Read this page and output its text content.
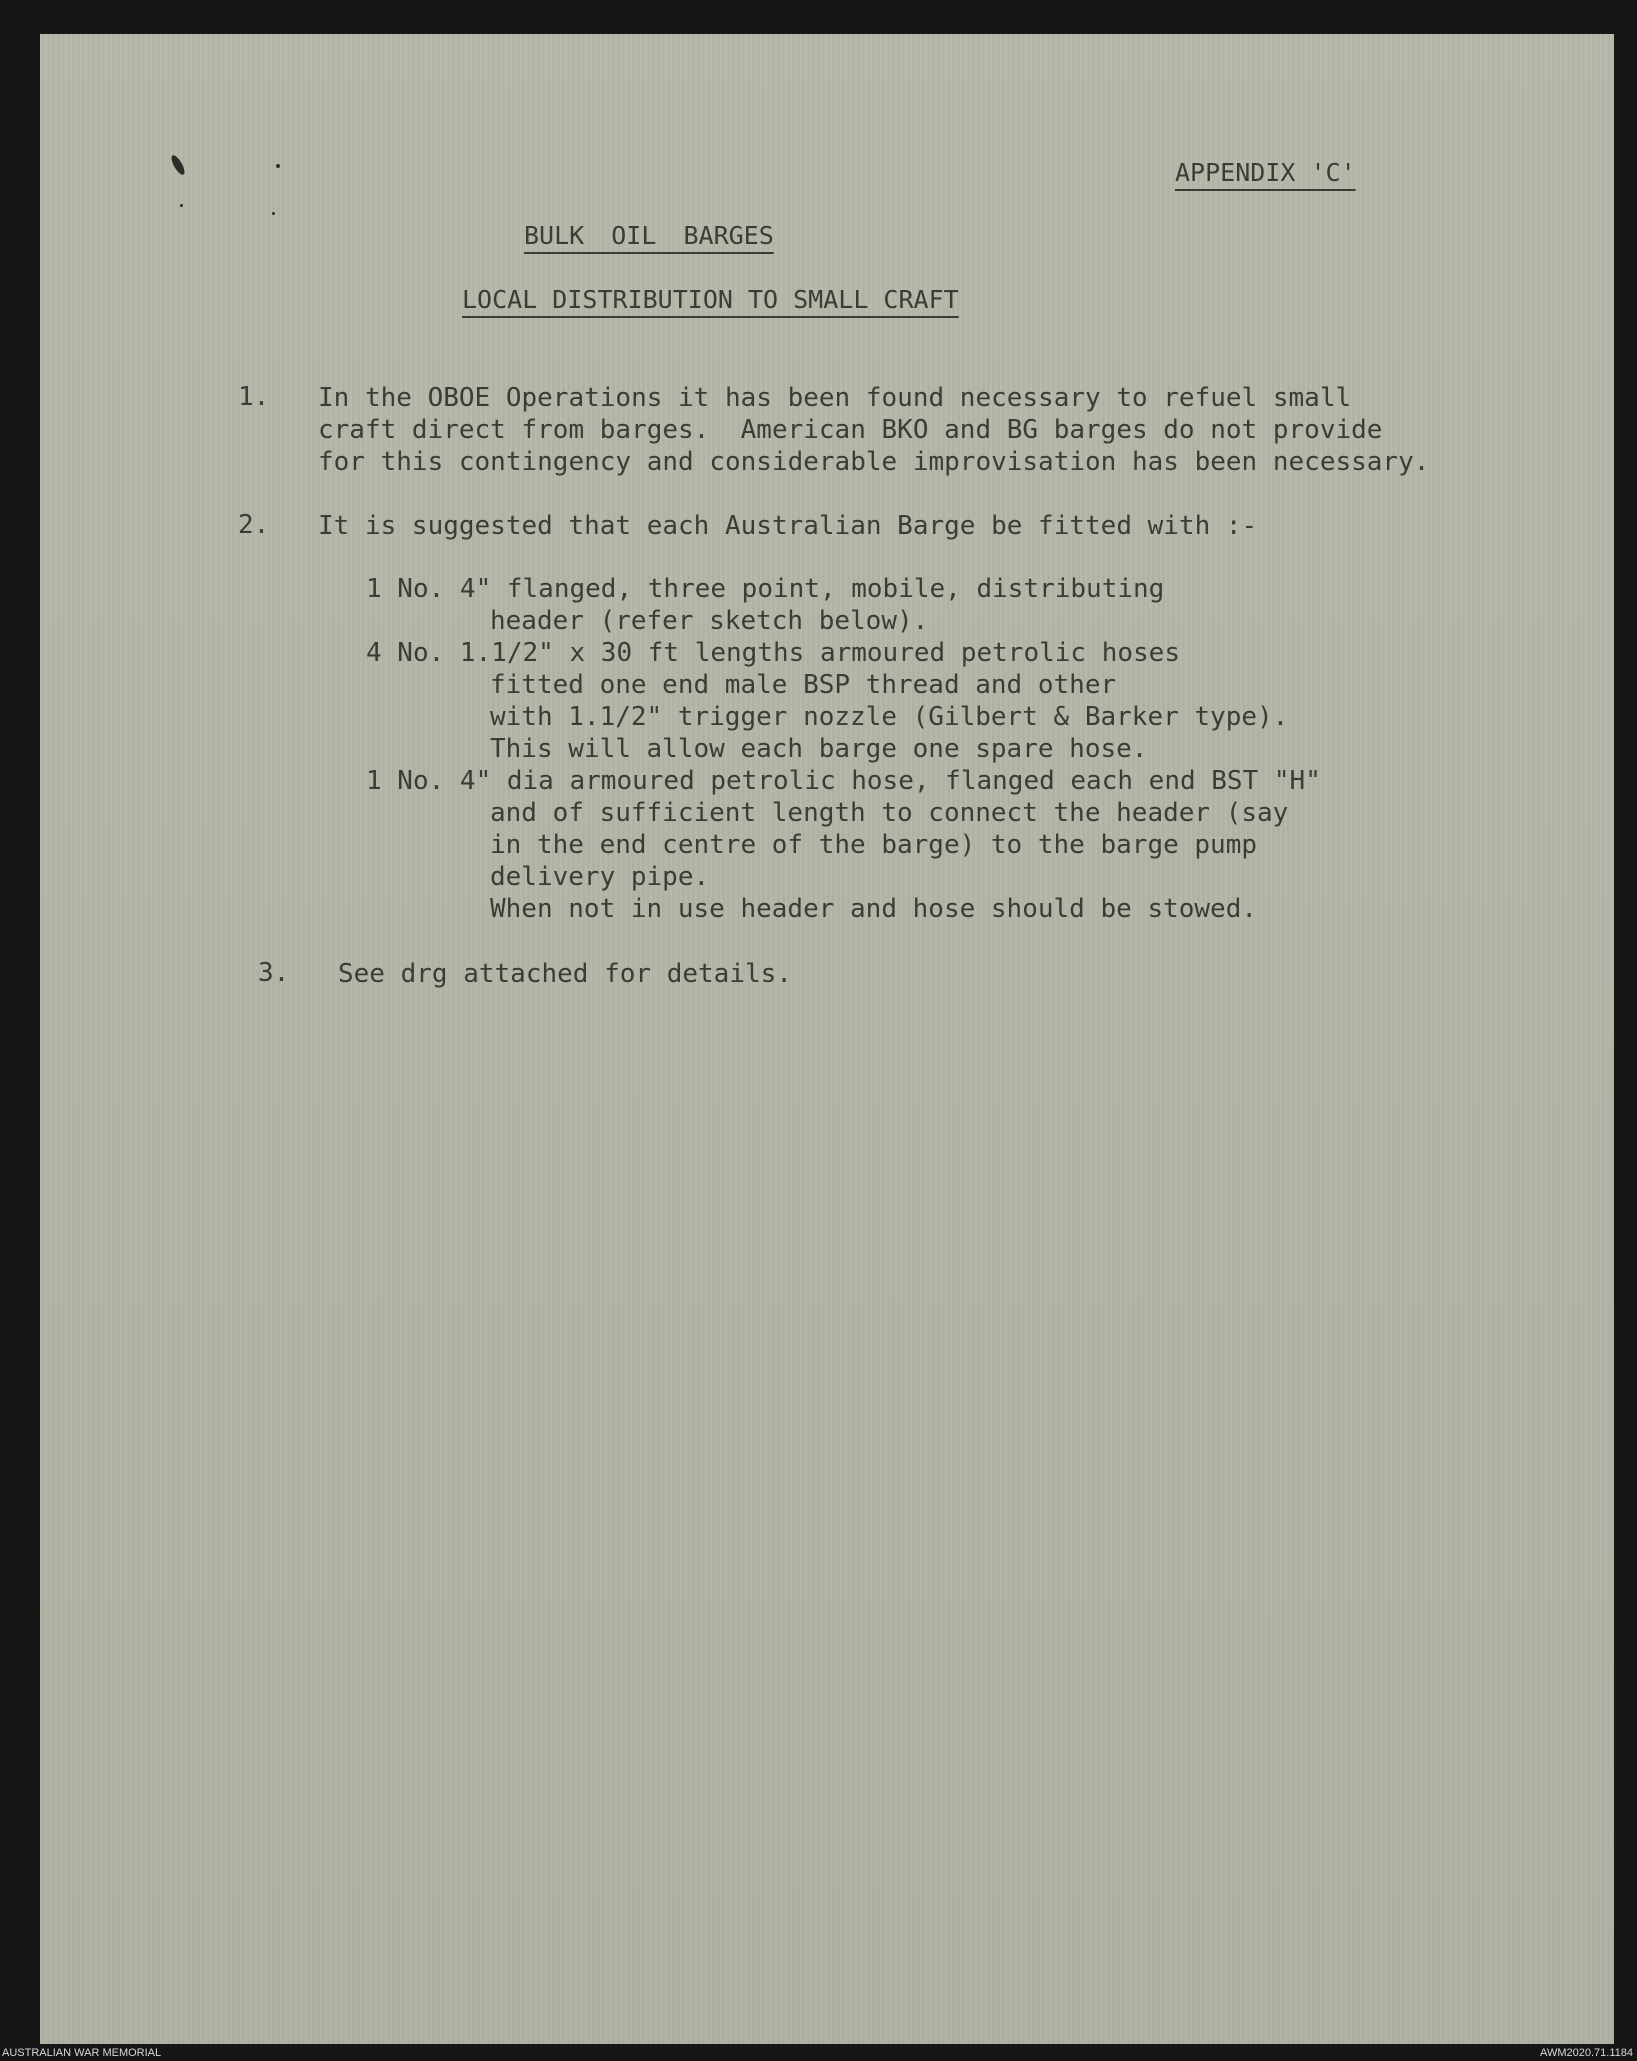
APPENDIX 'C'
BULK OIL BARGES
LOCAL DISTRIBUTION TO SMALL CRAFT
1. In the OBOE Operations it has been found necessary to refuel small
craft direct from barges.  American BKO and BG barges do not provide
for this contingency and considerable improvisation has been necessary.
2. It is suggested that each Australian Barge be fitted with :-
1 No. 4" flanged, three point, mobile, distributing
header (refer sketch below).
4 No. 1.1/2" x 30 ft lengths armoured petrolic hoses
fitted one end male BSP thread and other
with 1.1/2" trigger nozzle (Gilbert & Barker type).
This will allow each barge one spare hose.
1 No. 4" dia armoured petrolic hose, flanged each end BST "H"
and of sufficient length to connect the header (say
in the end centre of the barge) to the barge pump
delivery pipe.
When not in use header and hose should be stowed.
3. See drg attached for details.
AUSTRALIAN WAR MEMORIAL	AWM2020.71.1184
